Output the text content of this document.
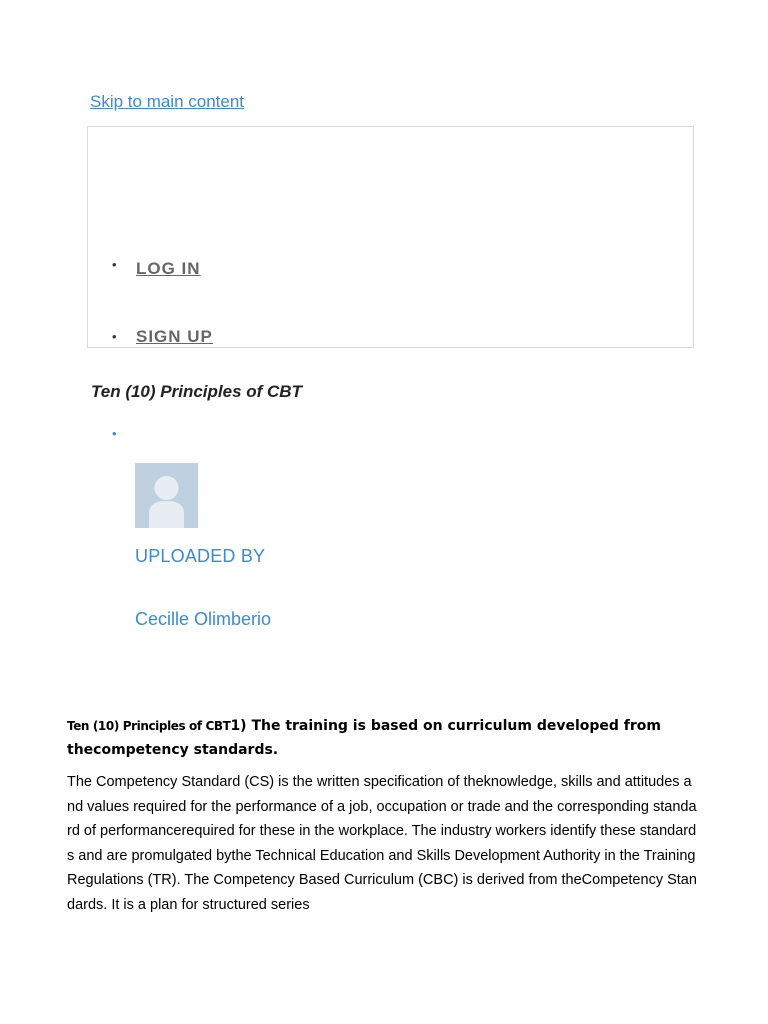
Skip to main content
• LOG IN
• SIGN UP
Ten (10) Principles of CBT
•
UPLOADED BY
Cecille Olimberio
Ten (10) Principles of CBT1) The training is based on curriculum developed from thecompetency standards.
The Competency Standard (CS) is the written specification of theknowledge, skills and attitudes and values required for the performance of a job, occupation or trade and the corresponding standard of performancerequired for these in the workplace. The industry workers identify these standards and are promulgated bythe Technical Education and Skills Development Authority in the TrainingRegulations (TR). The Competency Based Curriculum (CBC) is derived from theCompetency Standards. It is a plan for structured series
